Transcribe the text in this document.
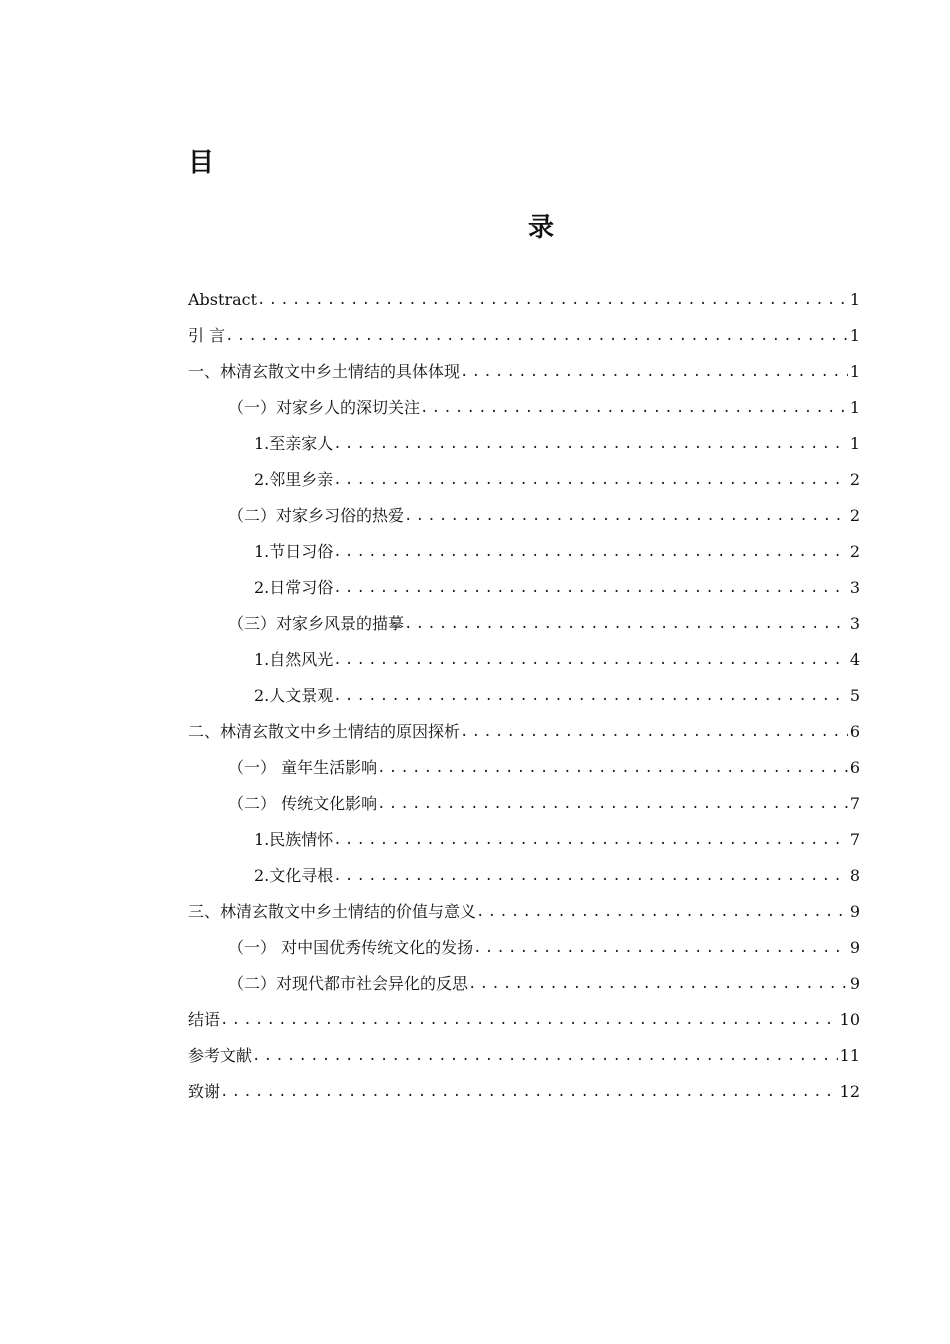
目
录
Abstract .....	1
引 言 .....	1
一、林清玄散文中乡土情结的具体体现 .....	1
（一）对家乡人的深切关注 .....	1
1.至亲家人 .....	1
2.邻里乡亲 .....	2
（二）对家乡习俗的热爱 .....	2
1.节日习俗 .....	2
2.日常习俗 .....	3
（三）对家乡风景的描摹 .....	3
1.自然风光 .....	4
2.人文景观 .....	5
二、林清玄散文中乡土情结的原因探析 .....	6
（一） 童年生活影响 .....	6
（二） 传统文化影响 .....	7
1.民族情怀 .....	7
2.文化寻根 .....	8
三、林清玄散文中乡土情结的价值与意义 .....	9
（一） 对中国优秀传统文化的发扬 .....	9
（二）对现代都市社会异化的反思 .....	9
结语 .....	10
参考文献 .....	11
致谢 .....	12
